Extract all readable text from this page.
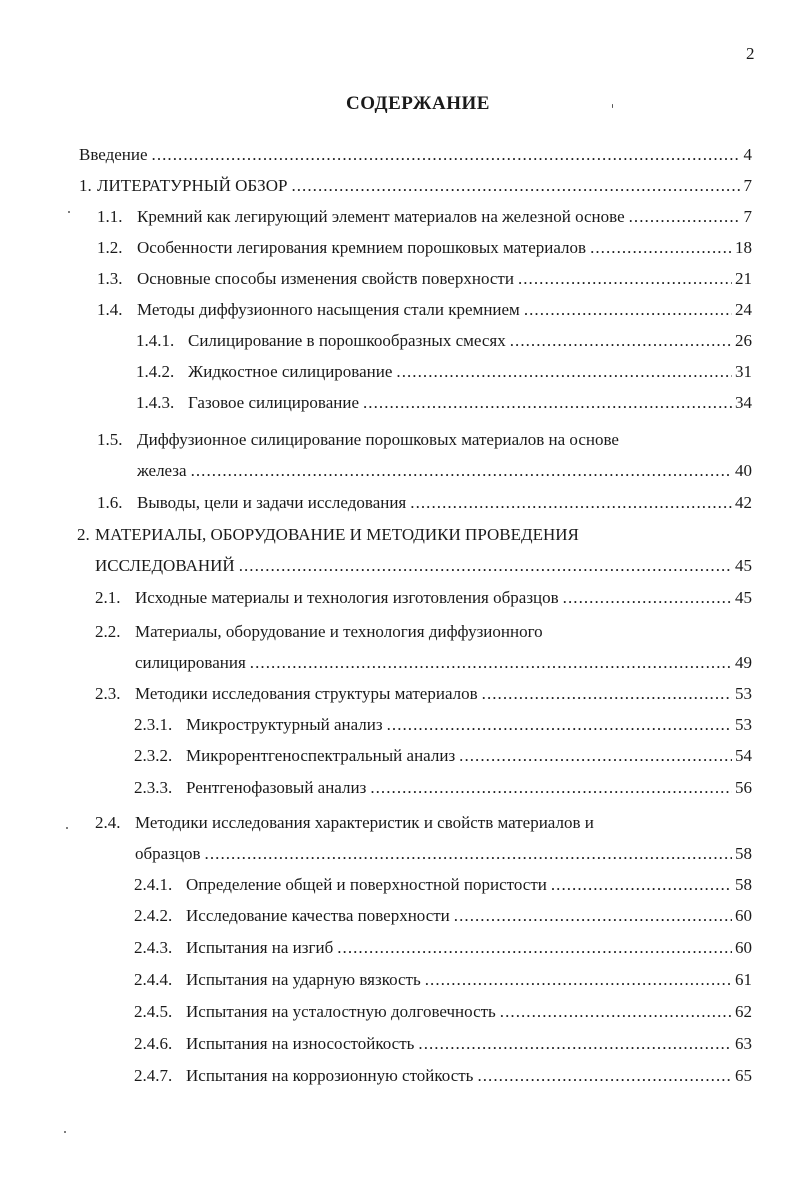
2
СОДЕРЖАНИЕ
Введение . . .	4
1. ЛИТЕРАТУРНЫЙ ОБЗОР . . .	7
1.1. Кремний как легирующий элемент материалов на железной основе . . .	7
1.2. Особенности легирования кремнием порошковых материалов . . .	18
1.3. Основные способы изменения свойств поверхности . . .	21
1.4. Методы диффузионного насыщения стали кремнием . . .	24
1.4.1. Силицирование в порошкообразных смесях . . .	26
1.4.2. Жидкостное силицирование . . .	31
1.4.3. Газовое силицирование . . .	34
1.5. Диффузионное силицирование порошковых материалов на основе
железа . . .	40
1.6. Выводы, цели и задачи исследования . . .	42
2. МАТЕРИАЛЫ, ОБОРУДОВАНИЕ И МЕТОДИКИ ПРОВЕДЕНИЯ
ИССЛЕДОВАНИЙ . . .	45
2.1. Исходные материалы и технология изготовления образцов . . .	45
2.2. Материалы, оборудование и технология диффузионного
силицирования . . .	49
2.3. Методики исследования структуры материалов . . .	53
2.3.1. Микроструктурный анализ . . .	53
2.3.2. Микрорентгеноспектральный анализ . . .	54
2.3.3. Рентгенофазовый анализ . . .	56
2.4. Методики исследования характеристик и свойств материалов и
образцов . . .	58
2.4.1. Определение общей и поверхностной пористости . . .	58
2.4.2. Исследование качества поверхности . . .	60
2.4.3. Испытания на изгиб . . .	60
2.4.4. Испытания на ударную вязкость . . .	61
2.4.5. Испытания на усталостную долговечность . . .	62
2.4.6. Испытания на износостойкость . . .	63
2.4.7. Испытания на коррозионную стойкость . . .	65
